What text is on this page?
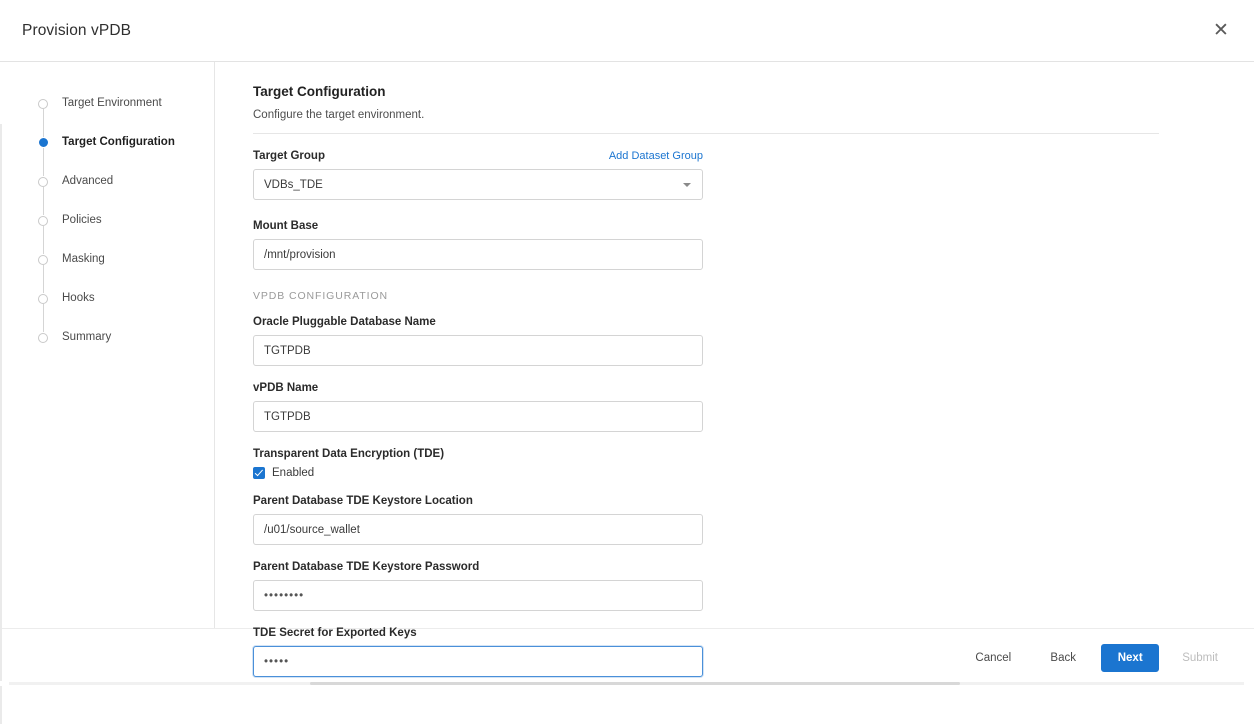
Provision vPDB	✕
Target Environment
Target Configuration
Advanced
Policies
Masking
Hooks
Summary
Target Configuration
Configure the target environment.
Target Group	Add Dataset Group
VDBs_TDE
Mount Base
/mnt/provision
VPDB CONFIGURATION
Oracle Pluggable Database Name
TGTPDB
vPDB Name
TGTPDB
Transparent Data Encryption (TDE)
Enabled
Parent Database TDE Keystore Location
/u01/source_wallet
Parent Database TDE Keystore Password
••••••••
TDE Secret for Exported Keys
•••••	Cancel	Back	Next	Submit
